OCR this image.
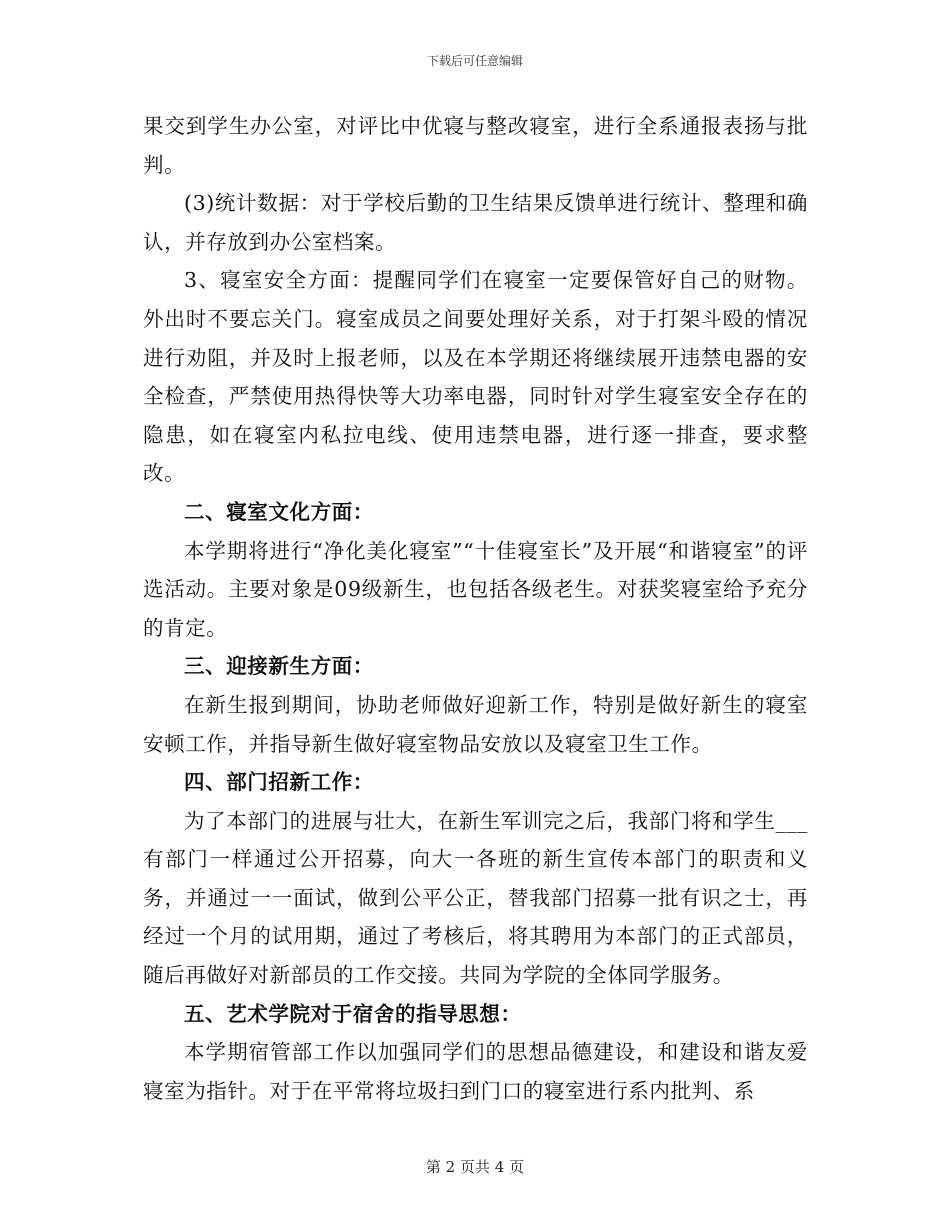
下载后可任意编辑

果交到学生办公室，对评比中优寝与整改寝室，进行全系通报表扬与批判。

(3)统计数据：对于学校后勤的卫生结果反馈单进行统计、整理和确认，并存放到办公室档案。

3、寝室安全方面：提醒同学们在寝室一定要保管好自己的财物。外出时不要忘关门。寝室成员之间要处理好关系，对于打架斗殴的情况进行劝阻，并及时上报老师，以及在本学期还将继续展开违禁电器的安全检查，严禁使用热得快等大功率电器，同时针对学生寝室安全存在的隐患，如在寝室内私拉电线、使用违禁电器，进行逐一排查，要求整改。

二、寝室文化方面：

本学期将进行“净化美化寝室”“十佳寝室长”及开展“和谐寝室”的评选活动。主要对象是09级新生，也包括各级老生。对获奖寝室给予充分的肯定。

三、迎接新生方面：

在新生报到期间，协助老师做好迎新工作，特别是做好新生的寝室安顿工作，并指导新生做好寝室物品安放以及寝室卫生工作。

四、部门招新工作：

为了本部门的进展与壮大，在新生军训完之后，我部门将和学生___有部门一样通过公开招募，向大一各班的新生宣传本部门的职责和义务，并通过一一面试，做到公平公正，替我部门招募一批有识之士，再经过一个月的试用期，通过了考核后，将其聘用为本部门的正式部员，随后再做好对新部员的工作交接。共同为学院的全体同学服务。

五、艺术学院对于宿舍的指导思想：

本学期宿管部工作以加强同学们的思想品德建设，和建设和谐友爱寝室为指针。对于在平常将垃圾扫到门口的寝室进行系内批判、系

第 2 页共 4 页
